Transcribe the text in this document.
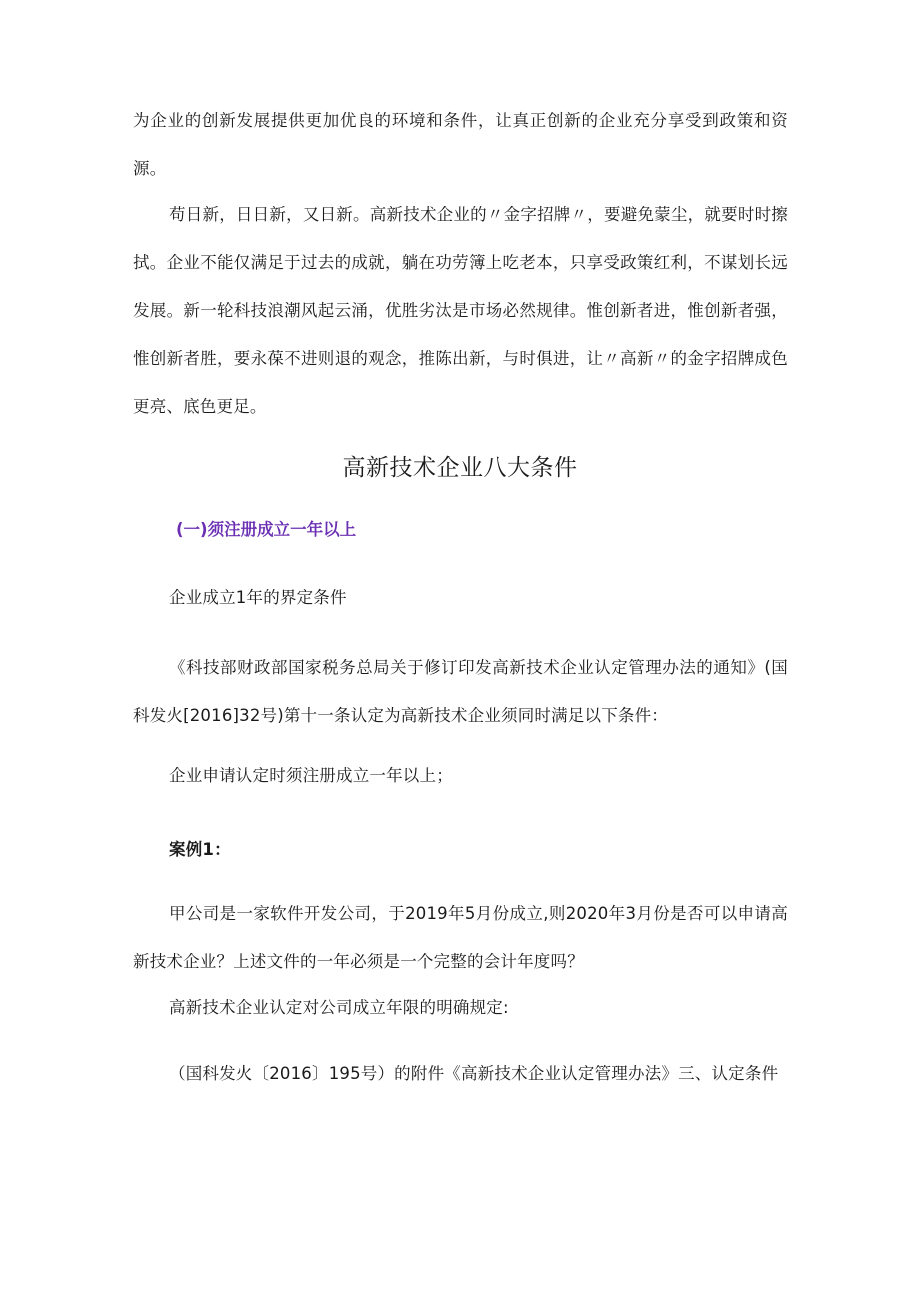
为企业的创新发展提供更加优良的环境和条件，让真正创新的企业充分享受到政策和资源。

苟日新，日日新，又日新。高新技术企业的〃金字招牌〃，要避免蒙尘，就要时时擦拭。企业不能仅满足于过去的成就，躺在功劳簿上吃老本，只享受政策红利，不谋划长远发展。新一轮科技浪潮风起云涌，优胜劣汰是市场必然规律。惟创新者进，惟创新者强，惟创新者胜，要永葆不进则退的观念，推陈出新，与时俱进，让〃高新〃的金字招牌成色更亮、底色更足。

高新技术企业八大条件

(一)须注册成立一年以上

企业成立1年的界定条件

《科技部财政部国家税务总局关于修订印发高新技术企业认定管理办法的通知》(国科发火[2016]32号)第十一条认定为高新技术企业须同时满足以下条件：

企业申请认定时须注册成立一年以上；

案例1：

甲公司是一家软件开发公司，于2019年5月份成立,则2020年3月份是否可以申请高新技术企业？上述文件的一年必须是一个完整的会计年度吗？

高新技术企业认定对公司成立年限的明确规定:

（国科发火〔2016〕195号）的附件《高新技术企业认定管理办法》三、认定条件
